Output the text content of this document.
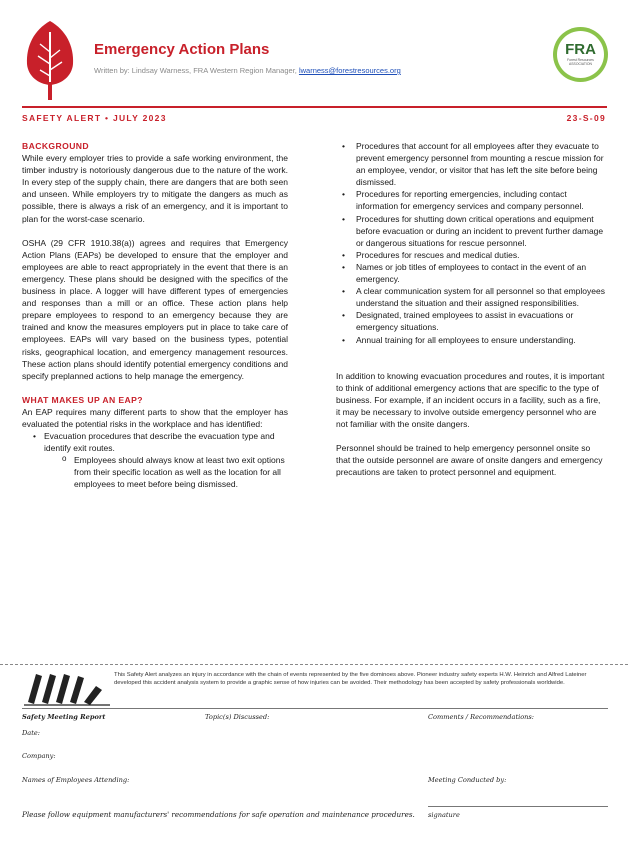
Emergency Action Plans
Written by: Lindsay Warness, FRA Western Region Manager, lwarness@forestresources.org
FRA
Forest Resources ASSOCIATION
SAFETY ALERT • JULY 2023	23-S-09
BACKGROUND

While every employer tries to provide a safe working environment, the timber industry is notoriously dangerous due to the nature of the work. In every step of the supply chain, there are dangers that are both seen and unseen. While employers try to mitigate the dangers as much as possible, there is always a risk of an emergency, and it is important to plan for the worst-case scenario.

OSHA (29 CFR 1910.38(a)) agrees and requires that Emergency Action Plans (EAPs) be developed to ensure that the employer and employees are able to react appropriately in the event that there is an emergency. These plans should be designed with the specifics of the business in place. A logger will have different types of emergencies and responses than a mill or an office. These action plans help prepare employees to respond to an emergency because they are trained and know the measures employers put in place to take care of employees. EAPs will vary based on the business types, potential risks, geographical location, and emergency management resources. These action plans should identify potential emergency conditions and specify preplanned actions to help manage the emergency.

WHAT MAKES UP AN EAP?

An EAP requires many different parts to show that the employer has evaluated the potential risks in the workplace and has identified:

• Evacuation procedures that describe the evacuation type and identify exit routes.
o Employees should always know at least two exit options from their specific location as well as the location for all employees to meet before being dismissed.
• Procedures that account for all employees after they evacuate to prevent emergency personnel from mounting a rescue mission for an employee, vendor, or visitor that has left the site before being dismissed.
• Procedures for reporting emergencies, including contact information for emergency services and company personnel.
• Procedures for shutting down critical operations and equipment before evacuation or during an incident to prevent further damage or dangerous situations for rescue personnel.
• Procedures for rescues and medical duties.
• Names or job titles of employees to contact in the event of an emergency.
• A clear communication system for all personnel so that employees understand the situation and their assigned responsibilities.
• Designated, trained employees to assist in evacuations or emergency situations.
• Annual training for all employees to ensure understanding.

In addition to knowing evacuation procedures and routes, it is important to think of additional emergency actions that are specific to the type of business. For example, if an incident occurs in a facility, such as a fire, it may be necessary to involve outside emergency personnel who are not familiar with the onsite dangers.

Personnel should be trained to help emergency personnel onsite so that the outside personnel are aware of onsite dangers and emergency precautions are taken to protect personnel and equipment.

This Safety Alert analyzes an injury in accordance with the chain of events represented by the five dominoes above. Pioneer industry safety experts H.W. Heinrich and Alfred Lateiner developed this accident analysis system to provide a graphic sense of how injuries can be avoided. Their methodology has been accepted by safety professionals worldwide.
Safety Meeting Report	Topic(s) Discussed:	Comments / Recommendations:
Date:
Company:
Names of Employees Attending:	Meeting Conducted by:
Please follow equipment manufacturers' recommendations for safe operation and maintenance procedures. signature
